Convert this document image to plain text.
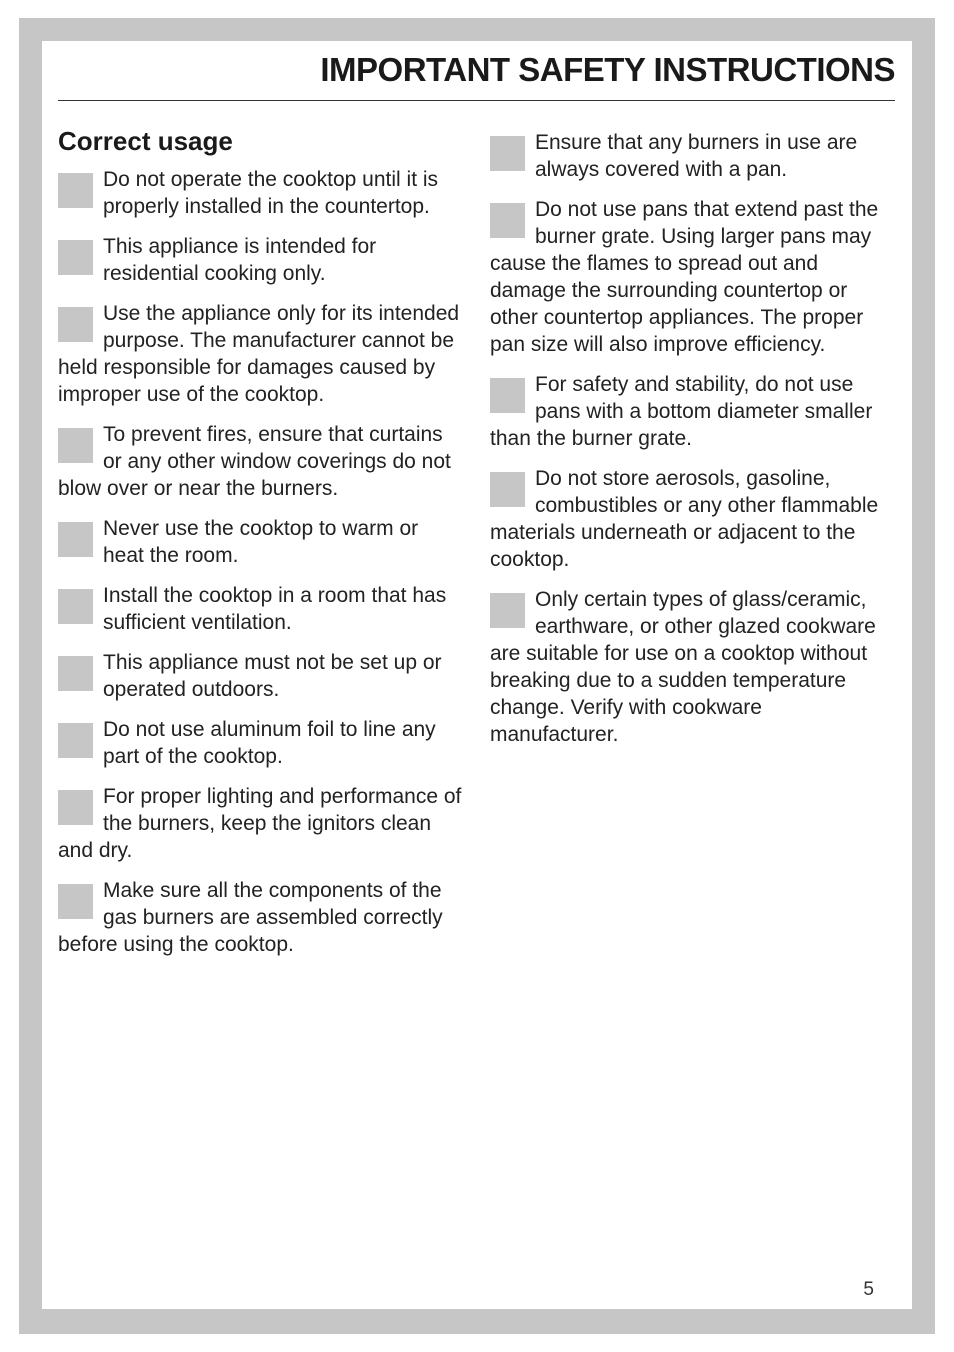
IMPORTANT SAFETY INSTRUCTIONS
Correct usage
Do not operate the cooktop until it is properly installed in the countertop.
This appliance is intended for residential cooking only.
Use the appliance only for its intended purpose. The manufacturer cannot be held responsible for damages caused by improper use of the cooktop.
To prevent fires, ensure that curtains or any other window coverings do not blow over or near the burners.
Never use the cooktop to warm or heat the room.
Install the cooktop in a room that has sufficient ventilation.
This appliance must not be set up or operated outdoors.
Do not use aluminum foil to line any part of the cooktop.
For proper lighting and performance of the burners, keep the ignitors clean and dry.
Make sure all the components of the gas burners are assembled correctly before using the cooktop.
Ensure that any burners in use are always covered with a pan.
Do not use pans that extend past the burner grate. Using larger pans may cause the flames to spread out and damage the surrounding countertop or other countertop appliances. The proper pan size will also improve efficiency.
For safety and stability, do not use pans with a bottom diameter smaller than the burner grate.
Do not store aerosols, gasoline, combustibles or any other flammable materials underneath or adjacent to the cooktop.
Only certain types of glass/ceramic, earthware, or other glazed cookware are suitable for use on a cooktop without breaking due to a sudden temperature change. Verify with cookware manufacturer.
5
